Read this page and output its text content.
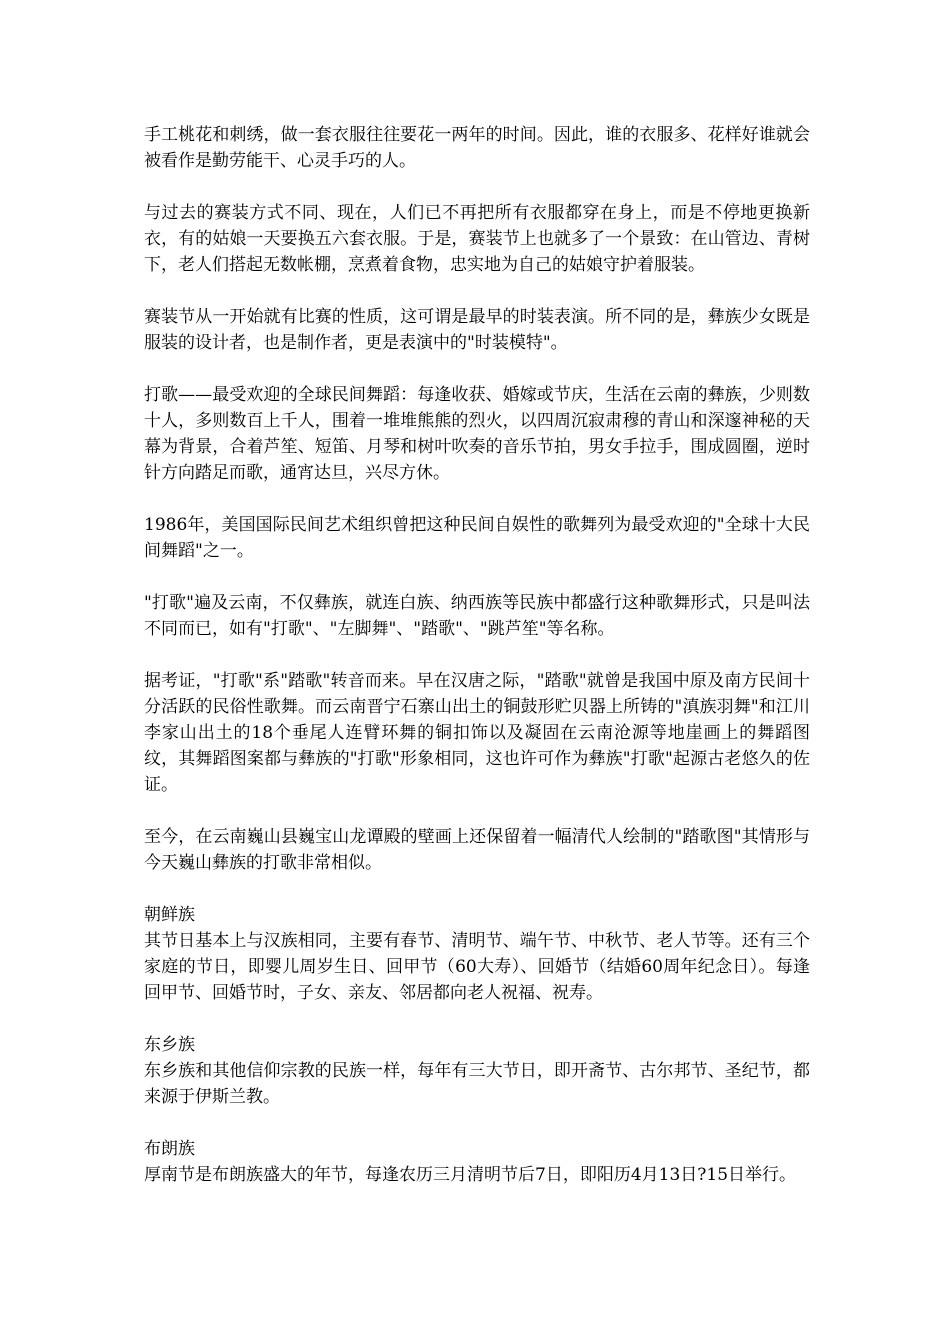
手工桃花和刺绣，做一套衣服往往要花一两年的时间。因此，谁的衣服多、花样好谁就会被看作是勤劳能干、心灵手巧的人。

与过去的赛装方式不同、现在，人们已不再把所有衣服都穿在身上，而是不停地更换新衣，有的姑娘一天要换五六套衣服。于是，赛装节上也就多了一个景致：在山管边、青树下，老人们搭起无数帐棚，烹煮着食物，忠实地为自己的姑娘守护着服装。

赛装节从一开始就有比赛的性质，这可谓是最早的时装表演。所不同的是，彝族少女既是服装的设计者，也是制作者，更是表演中的"时装模特"。

打歌——最受欢迎的全球民间舞蹈：每逢收获、婚嫁或节庆，生活在云南的彝族，少则数十人，多则数百上千人，围着一堆堆熊熊的烈火，以四周沉寂肃穆的青山和深邃神秘的天幕为背景，合着芦笙、短笛、月琴和树叶吹奏的音乐节拍，男女手拉手，围成圆圈，逆时针方向踏足而歌，通宵达旦，兴尽方休。

1986年，美国国际民间艺术组织曾把这种民间自娱性的歌舞列为最受欢迎的"全球十大民间舞蹈"之一。

"打歌"遍及云南，不仅彝族，就连白族、纳西族等民族中都盛行这种歌舞形式，只是叫法不同而已，如有"打歌"、"左脚舞"、"踏歌"、"跳芦笙"等名称。

据考证，"打歌"系"踏歌"转音而来。早在汉唐之际，"踏歌"就曾是我国中原及南方民间十分活跃的民俗性歌舞。而云南晋宁石寨山出土的铜鼓形贮贝器上所铸的"滇族羽舞"和江川李家山出土的18个垂尾人连臂环舞的铜扣饰以及凝固在云南沧源等地崖画上的舞蹈图纹，其舞蹈图案都与彝族的"打歌"形象相同，这也许可作为彝族"打歌"起源古老悠久的佐证。

至今，在云南巍山县巍宝山龙谭殿的壁画上还保留着一幅清代人绘制的"踏歌图"其情形与今天巍山彝族的打歌非常相似。

朝鲜族

其节日基本上与汉族相同，主要有春节、清明节、端午节、中秋节、老人节等。还有三个家庭的节日，即婴儿周岁生日、回甲节（60大寿）、回婚节（结婚60周年纪念日）。每逢回甲节、回婚节时，子女、亲友、邻居都向老人祝福、祝寿。

东乡族

东乡族和其他信仰宗教的民族一样，每年有三大节日，即开斋节、古尔邦节、圣纪节，都来源于伊斯兰教。

布朗族

厚南节是布朗族盛大的年节，每逢农历三月清明节后7日，即阳历4月13日?15日举行。
